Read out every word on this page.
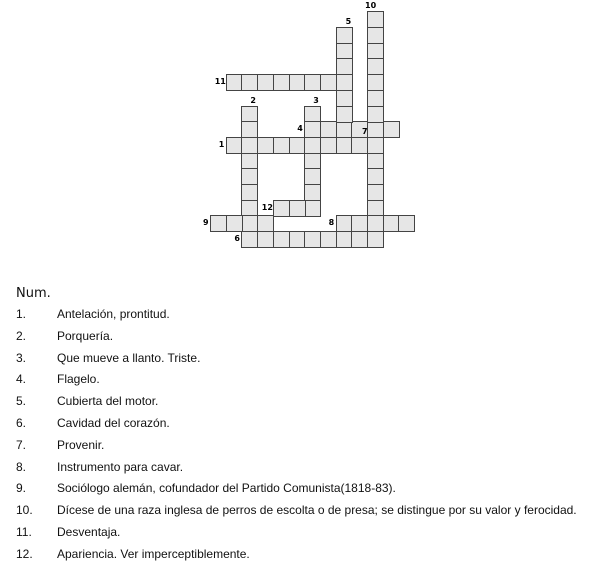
1
2	3
4
5
6
7
8
9
10
11
12
Num.
1.	Antelación, prontitud.
2.	Porquería.
3.	Que mueve a llanto. Triste.
4.	Flagelo.
5.	Cubierta del motor.
6.	Cavidad del corazón.
7.	Provenir.
8.	Instrumento para cavar.
9.	Sociólogo alemán, cofundador del Partido Comunista(1818-83).
10. Dícese de una raza inglesa de perros de escolta o de presa; se distingue por su valor y ferocidad.
11. Desventaja.
12. Apariencia. Ver imperceptiblemente.
